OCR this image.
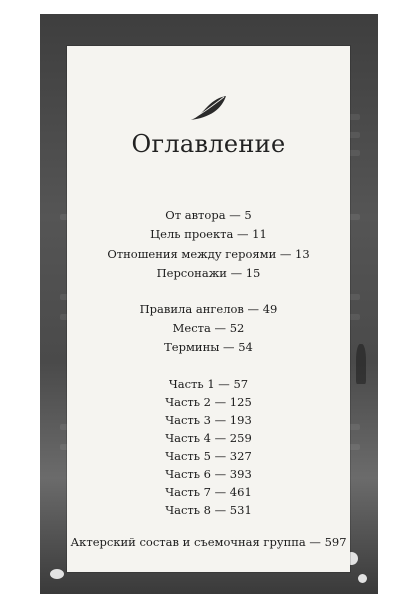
Оглавление
От автора — 5
Цель проекта — 11
Отношения между героями — 13
Персонажи — 15
Правила ангелов — 49
Места — 52
Термины — 54
Часть 1 — 57
Часть 2 — 125
Часть 3 — 193
Часть 4 — 259
Часть 5 — 327
Часть 6 — 393
Часть 7 — 461
Часть 8 — 531
Актерский состав и съемочная группа — 597
